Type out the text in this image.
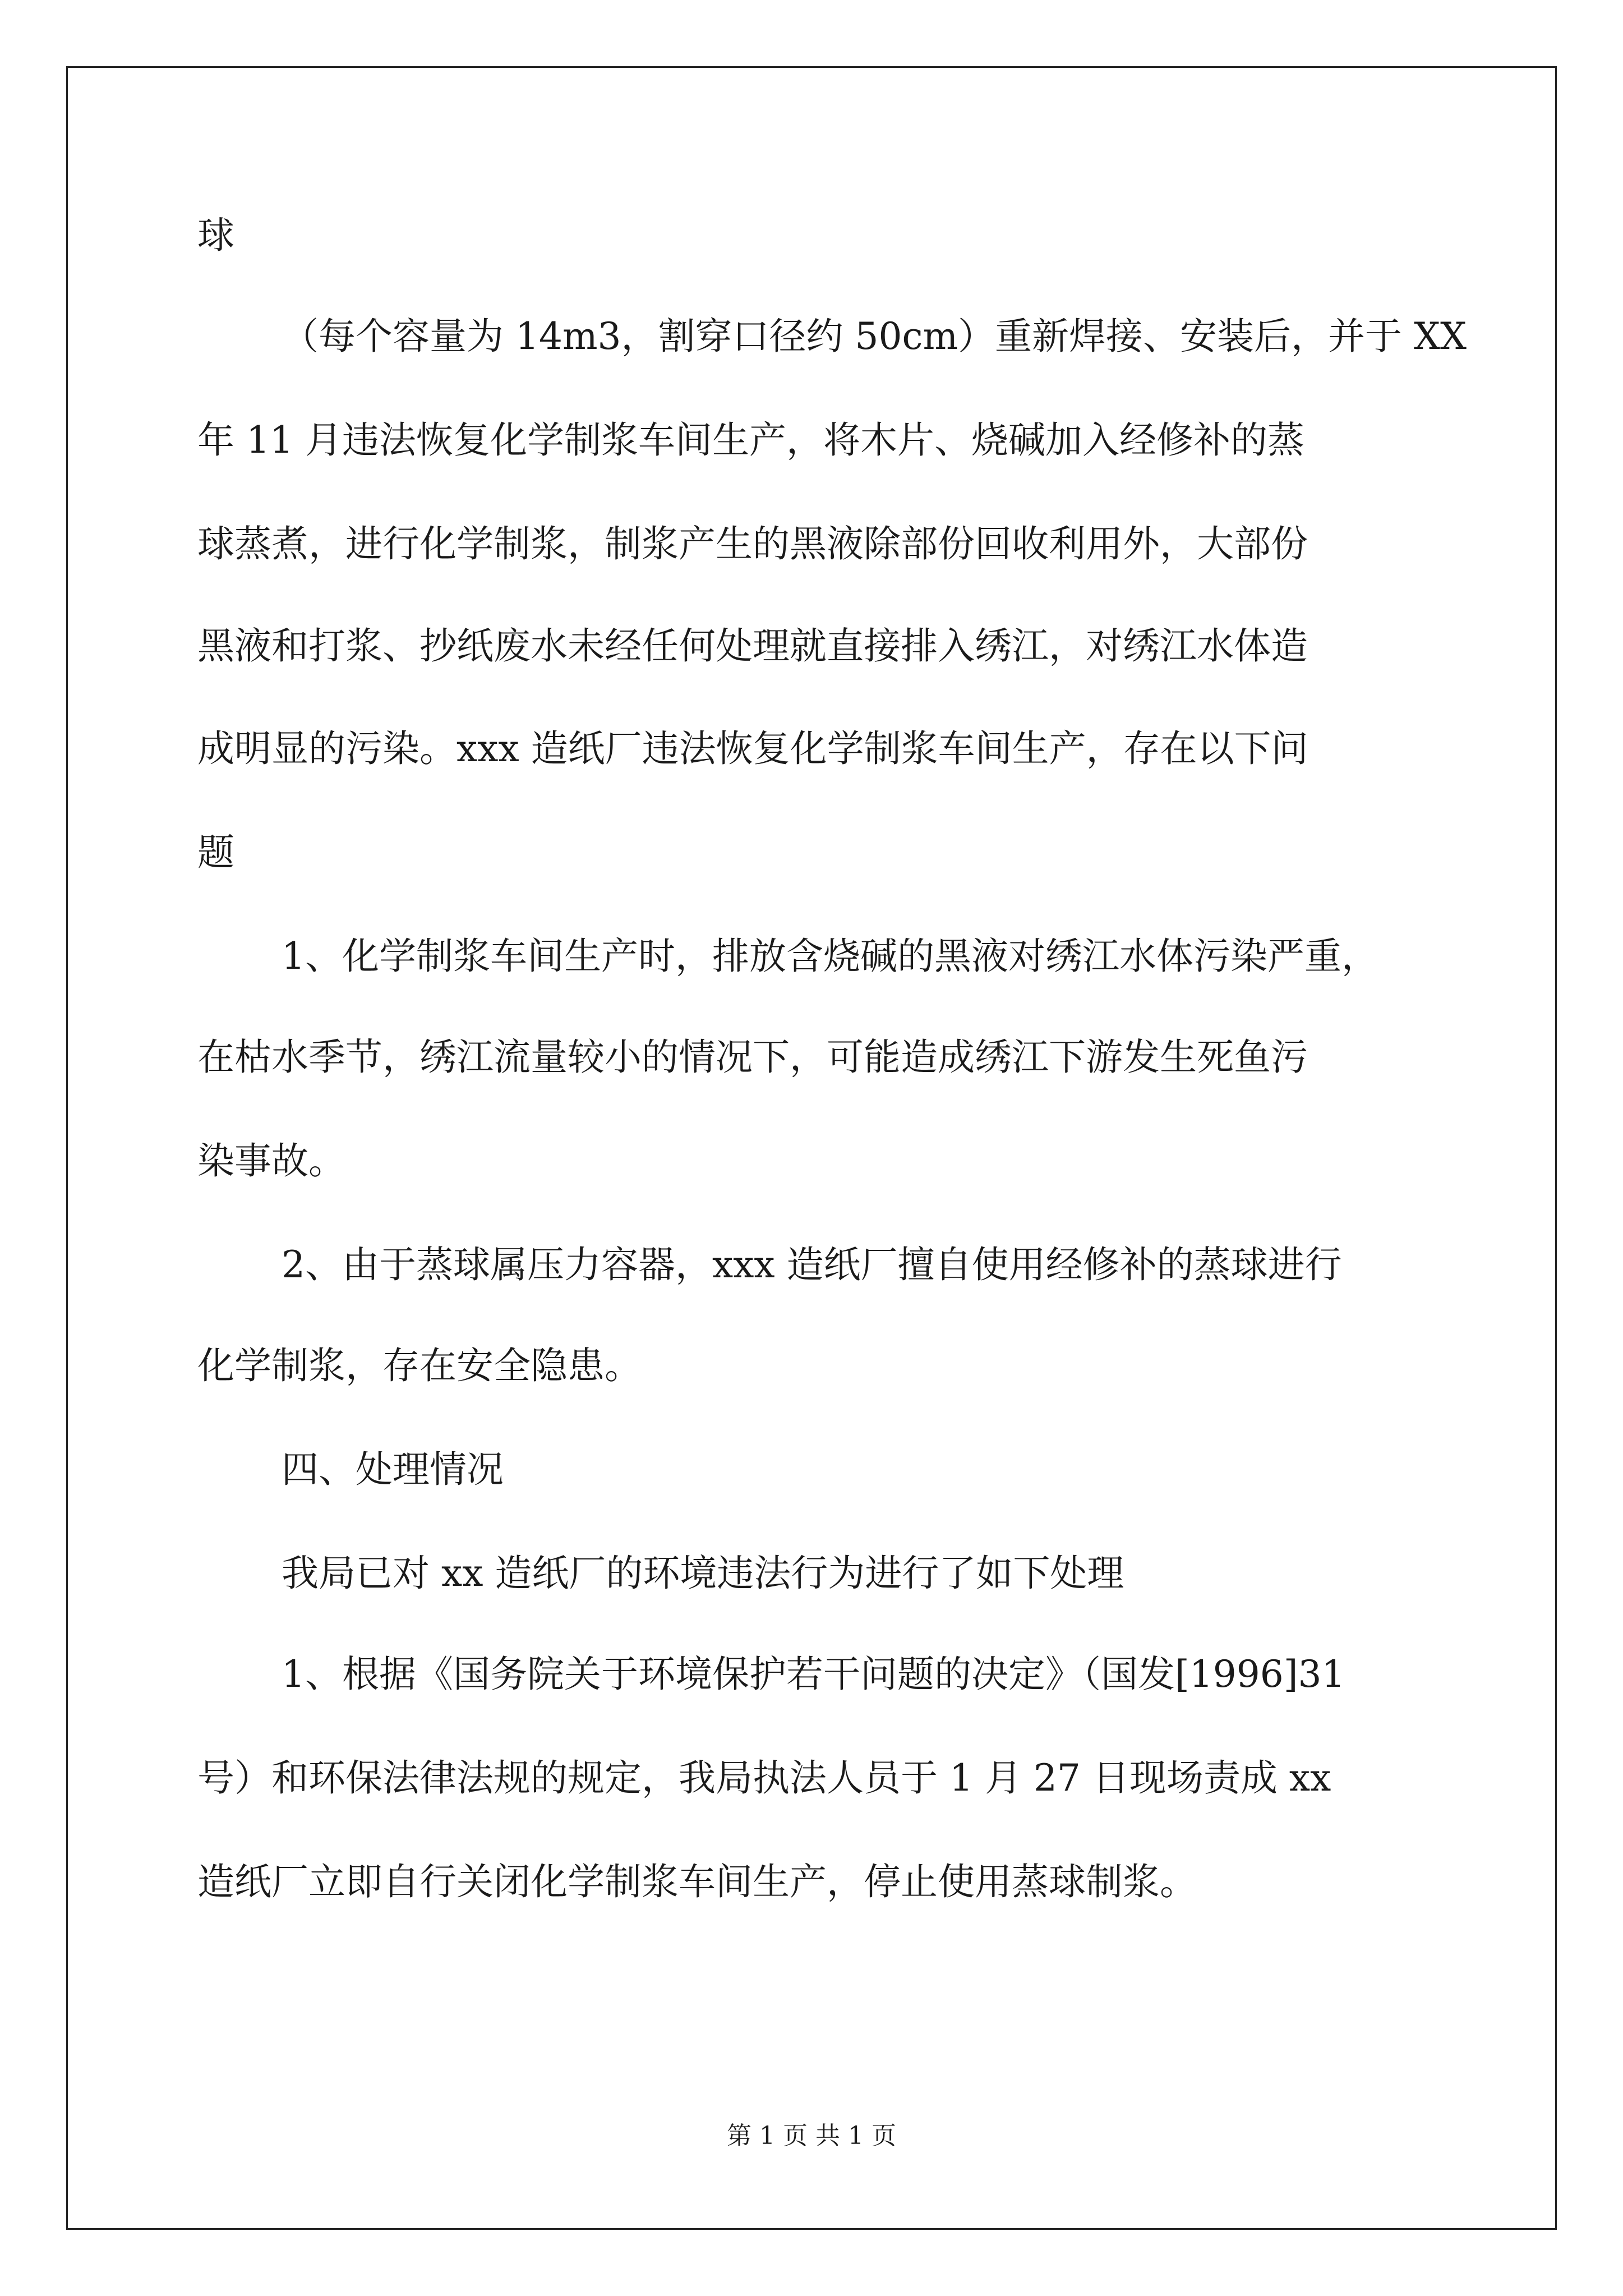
球
（每个容量为 14m3，割穿口径约 50cm）重新焊接、安装后，并于 XX
年 11 月违法恢复化学制浆车间生产，将木片、烧碱加入经修补的蒸
球蒸煮，进行化学制浆，制浆产生的黑液除部份回收利用外，大部份
黑液和打浆、抄纸废水未经任何处理就直接排入绣江，对绣江水体造
成明显的污染。xxx 造纸厂违法恢复化学制浆车间生产，存在以下问
题
1、化学制浆车间生产时，排放含烧碱的黑液对绣江水体污染严重，
在枯水季节，绣江流量较小的情况下，可能造成绣江下游发生死鱼污
染事故。
2、由于蒸球属压力容器，xxx 造纸厂擅自使用经修补的蒸球进行
化学制浆，存在安全隐患。
四、处理情况
我局已对 xx 造纸厂的环境违法行为进行了如下处理
1、根据《国务院关于环境保护若干问题的决定》（国发[1996]31
号）和环保法律法规的规定，我局执法人员于 1 月 27 日现场责成 xx
造纸厂立即自行关闭化学制浆车间生产，停止使用蒸球制浆。
第 1 页 共 1 页
